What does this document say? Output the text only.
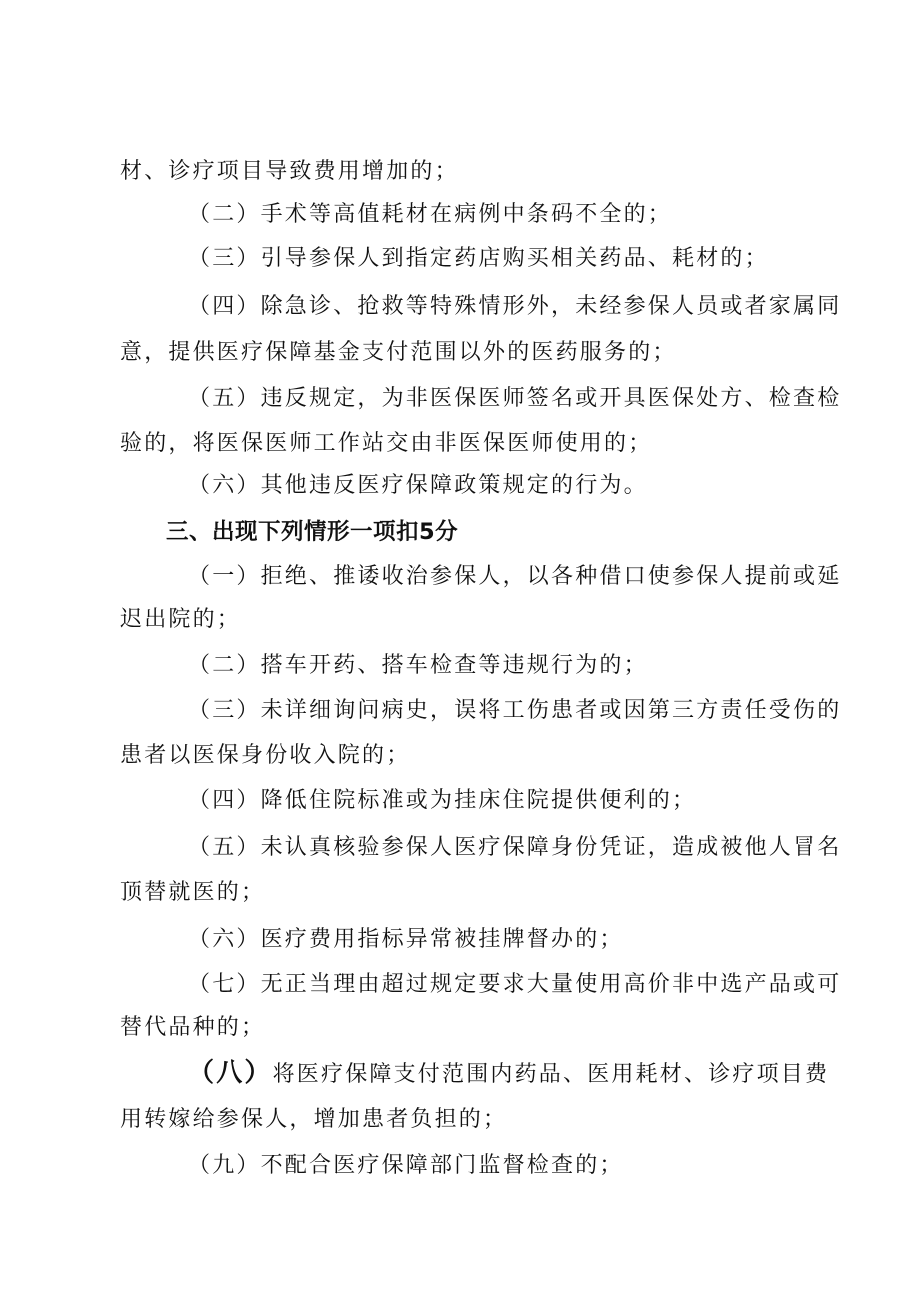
材、诊疗项目导致费用增加的；
（二）手术等高值耗材在病例中条码不全的；
（三）引导参保人到指定药店购买相关药品、耗材的；
（四）除急诊、抢救等特殊情形外，未经参保人员或者家属同
意，提供医疗保障基金支付范围以外的医药服务的；
（五）违反规定，为非医保医师签名或开具医保处方、检查检
验的，将医保医师工作站交由非医保医师使用的；
（六）其他违反医疗保障政策规定的行为。
三、出现下列情形一项扣5分
（一）拒绝、推诿收治参保人，以各种借口使参保人提前或延
迟出院的；
（二）搭车开药、搭车检查等违规行为的；
（三）未详细询问病史，误将工伤患者或因第三方责任受伤的
患者以医保身份收入院的；
（四）降低住院标准或为挂床住院提供便利的；
（五）未认真核验参保人医疗保障身份凭证，造成被他人冒名
顶替就医的；
（六）医疗费用指标异常被挂牌督办的；
（七）无正当理由超过规定要求大量使用高价非中选产品或可
替代品种的；
（八）将医疗保障支付范围内药品、医用耗材、诊疗项目费
用转嫁给参保人，增加患者负担的；
（九）不配合医疗保障部门监督检查的；
